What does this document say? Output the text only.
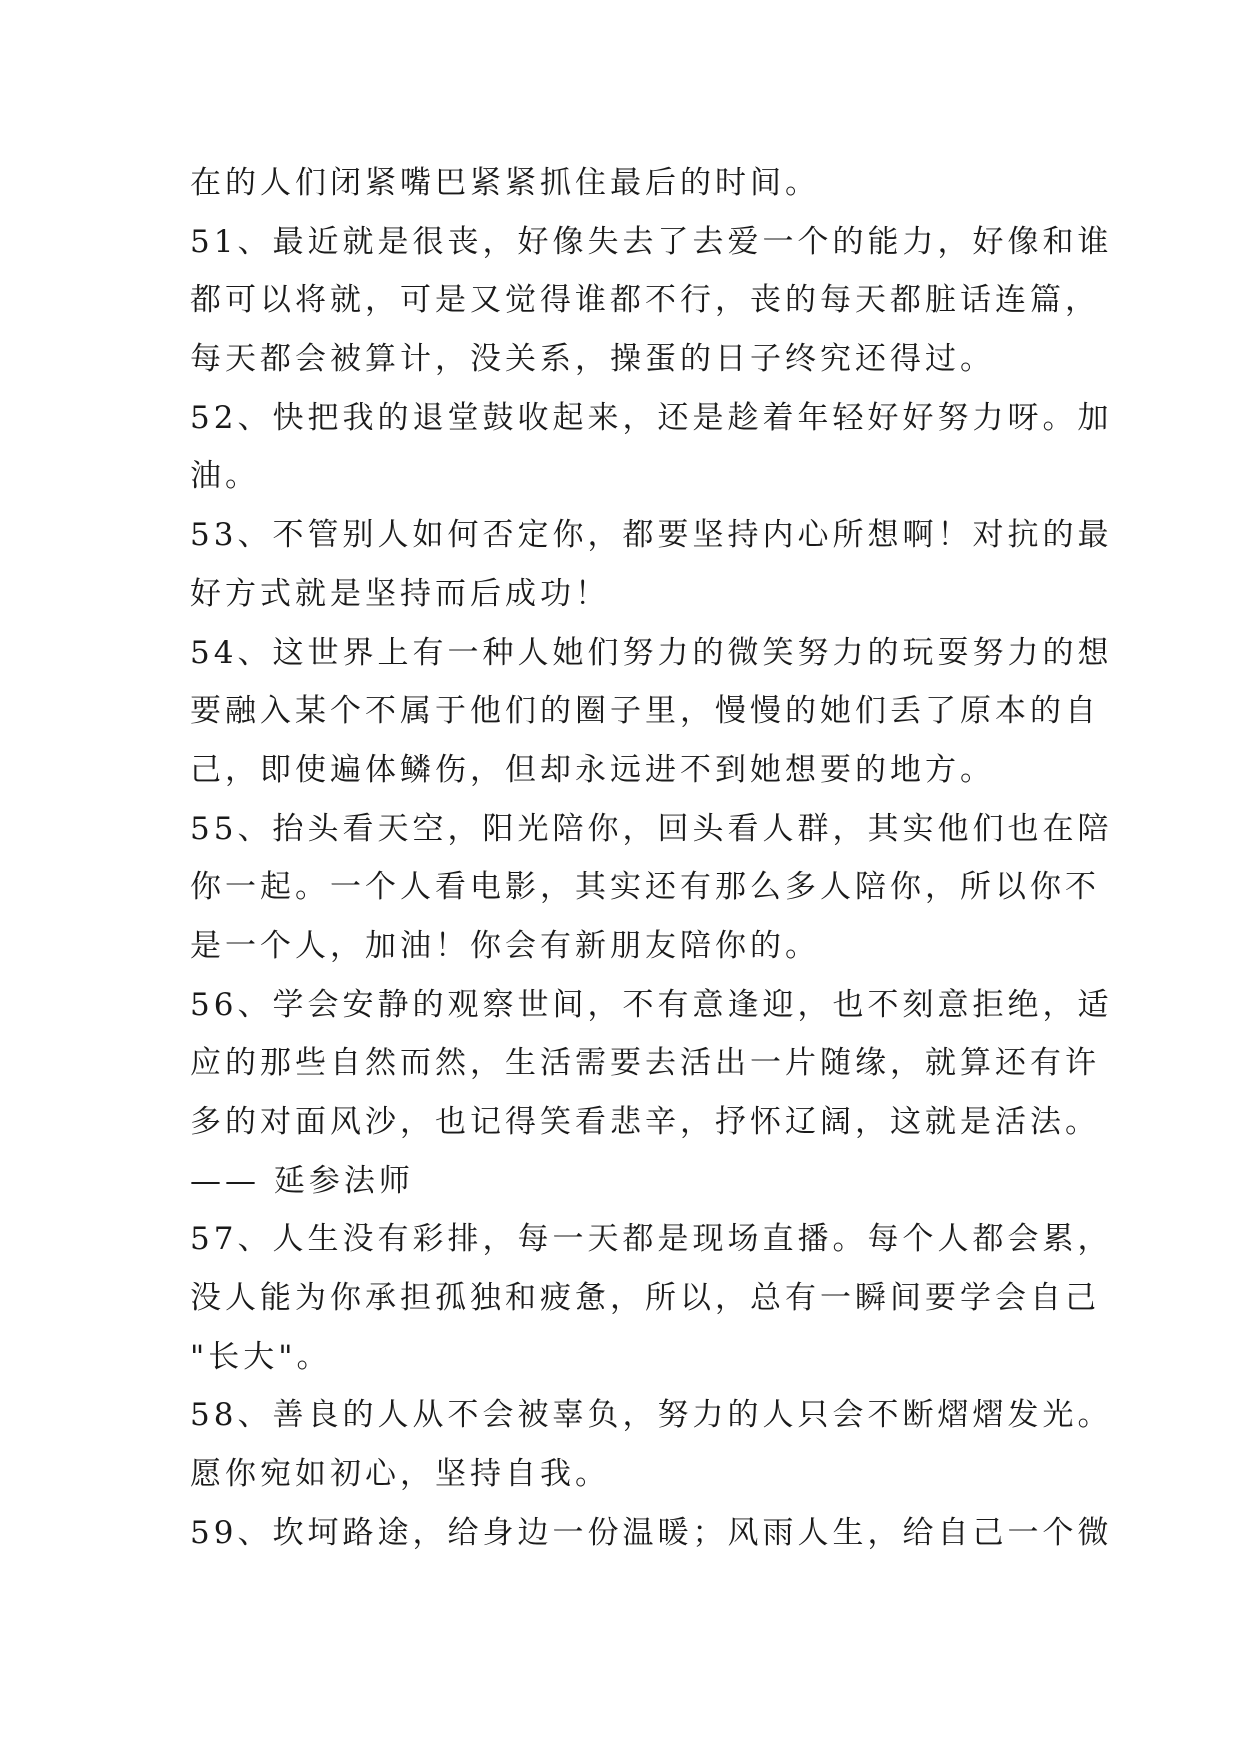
在的人们闭紧嘴巴紧紧抓住最后的时间。
51、最近就是很丧，好像失去了去爱一个的能力，好像和谁
都可以将就，可是又觉得谁都不行，丧的每天都脏话连篇，
每天都会被算计，没关系，操蛋的日子终究还得过。
52、快把我的退堂鼓收起来，还是趁着年轻好好努力呀。加
油。
53、不管别人如何否定你，都要坚持内心所想啊！对抗的最
好方式就是坚持而后成功！
54、这世界上有一种人她们努力的微笑努力的玩耍努力的想
要融入某个不属于他们的圈子里，慢慢的她们丢了原本的自
己，即使遍体鳞伤，但却永远进不到她想要的地方。
55、抬头看天空，阳光陪你，回头看人群，其实他们也在陪
你一起。一个人看电影，其实还有那么多人陪你，所以你不
是一个人，加油！你会有新朋友陪你的。
56、学会安静的观察世间，不有意逢迎，也不刻意拒绝，适
应的那些自然而然，生活需要去活出一片随缘，就算还有许
多的对面风沙，也记得笑看悲辛，抒怀辽阔，这就是活法。
—— 延参法师
57、人生没有彩排，每一天都是现场直播。每个人都会累，
没人能为你承担孤独和疲惫，所以，总有一瞬间要学会自己
"长大"。
58、善良的人从不会被辜负，努力的人只会不断熠熠发光。
愿你宛如初心，坚持自我。
59、坎坷路途，给身边一份温暖；风雨人生，给自己一个微
